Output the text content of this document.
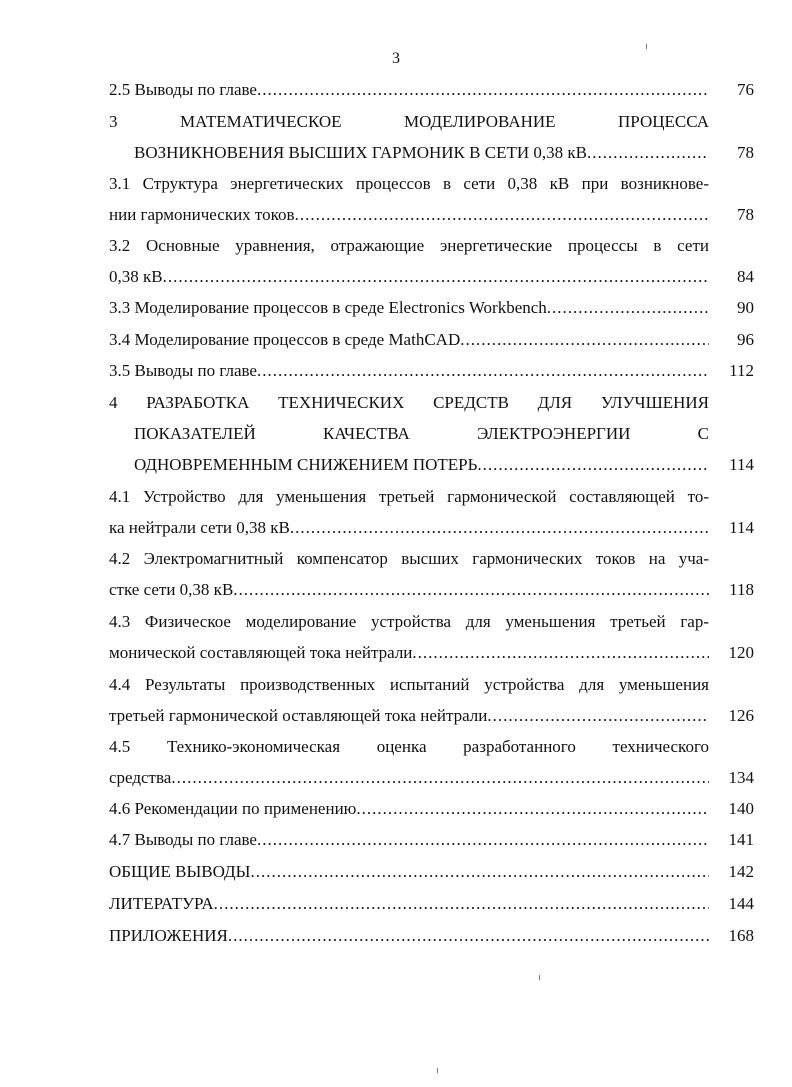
3
2.5 Выводы по главе .....	76
3 МАТЕМАТИЧЕСКОЕ МОДЕЛИРОВАНИЕ ПРОЦЕССА
ВОЗНИКНОВЕНИЯ ВЫСШИХ ГАРМОНИК В СЕТИ 0,38 кВ .....	78
3.1 Структура энергетических процессов в сети 0,38 кВ при возникнове-
нии гармонических токов .....	78
3.2 Основные уравнения, отражающие энергетические процессы в сети
0,38 кВ .....	84
3.3 Моделирование процессов в среде Electronics Workbench .....	90
3.4 Моделирование процессов в среде MathCAD .....	96
3.5 Выводы по главе .....	112
4 РАЗРАБОТКА ТЕХНИЧЕСКИХ СРЕДСТВ ДЛЯ УЛУЧШЕНИЯ
ПОКАЗАТЕЛЕЙ КАЧЕСТВА ЭЛЕКТРОЭНЕРГИИ С
ОДНОВРЕМЕННЫМ СНИЖЕНИЕМ ПОТЕРЬ .....	114
4.1 Устройство для уменьшения третьей гармонической составляющей то-
ка нейтрали сети 0,38 кВ .....	114
4.2 Электромагнитный компенсатор высших гармонических токов на уча-
стке сети 0,38 кВ .....	118
4.3 Физическое моделирование устройства для уменьшения третьей гар-
монической составляющей тока нейтрали .....	120
4.4 Результаты производственных испытаний устройства для уменьшения
третьей гармонической оставляющей тока нейтрали .....	126
4.5 Технико-экономическая оценка разработанного технического
средства .....	134
4.6 Рекомендации по применению .....	140
4.7 Выводы по главе .....	141
ОБЩИЕ ВЫВОДЫ .....	142
ЛИТЕРАТУРА .....	144
ПРИЛОЖЕНИЯ .....	168
